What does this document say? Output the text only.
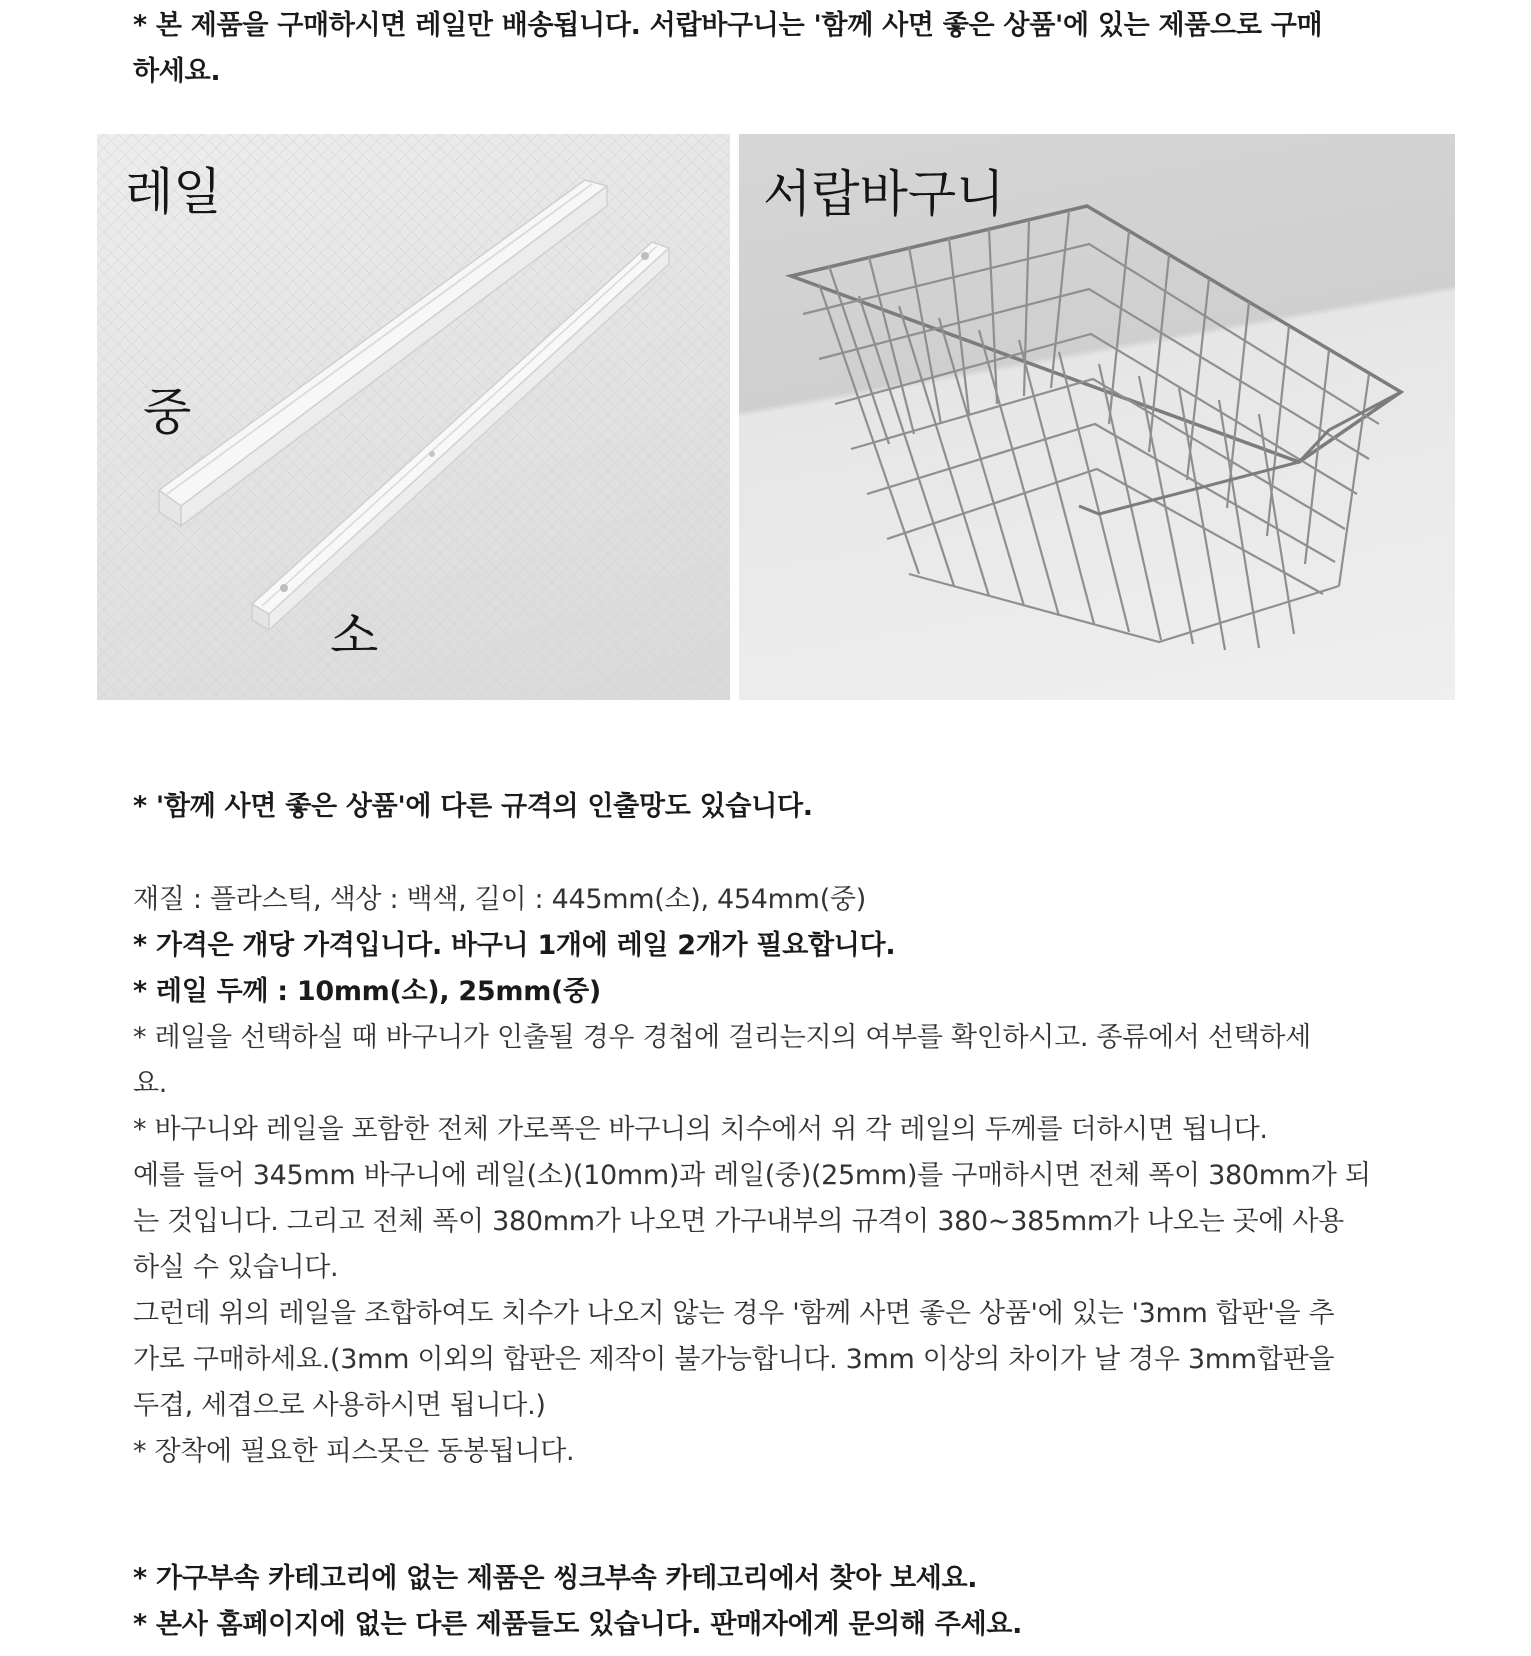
* 본 제품을 구매하시면 레일만 배송됩니다. 서랍바구니는 '함께 사면 좋은 상품'에 있는 제품으로 구매
하세요.
레일
중
소
서랍바구니
* '함께 사면 좋은 상품'에 다른 규격의 인출망도 있습니다.
재질 : 플라스틱, 색상 : 백색, 길이 : 445mm(소), 454mm(중)
* 가격은 개당 가격입니다. 바구니 1개에 레일 2개가 필요합니다.
* 레일 두께 : 10mm(소), 25mm(중)
* 레일을 선택하실 때 바구니가 인출될 경우 경첩에 걸리는지의 여부를 확인하시고. 종류에서 선택하세
요.
* 바구니와 레일을 포함한 전체 가로폭은 바구니의 치수에서 위 각 레일의 두께를 더하시면 됩니다.
예를 들어 345mm 바구니에 레일(소)(10mm)과 레일(중)(25mm)를 구매하시면 전체 폭이 380mm가 되
는 것입니다. 그리고 전체 폭이 380mm가 나오면 가구내부의 규격이 380~385mm가 나오는 곳에 사용
하실 수 있습니다.
그런데 위의 레일을 조합하여도 치수가 나오지 않는 경우 '함께 사면 좋은 상품'에 있는 '3mm 합판'을 추
가로 구매하세요.(3mm 이외의 합판은 제작이 불가능합니다. 3mm 이상의 차이가 날 경우 3mm합판을
두겹, 세겹으로 사용하시면 됩니다.)
* 장착에 필요한 피스못은 동봉됩니다.
* 가구부속 카테고리에 없는 제품은 씽크부속 카테고리에서 찾아 보세요.
* 본사 홈페이지에 없는 다른 제품들도 있습니다. 판매자에게 문의해 주세요.
